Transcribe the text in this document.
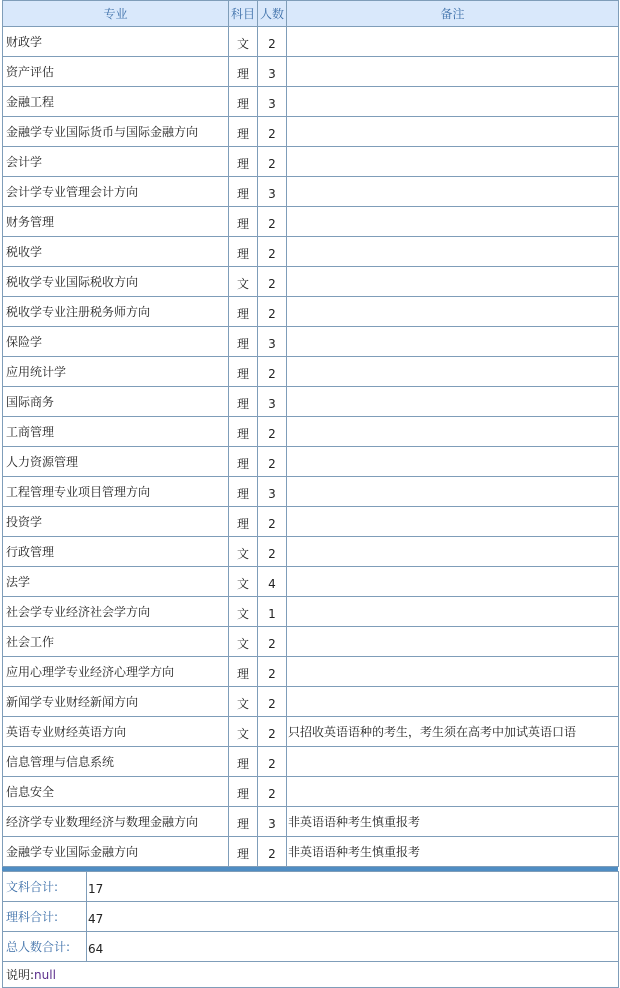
专业	科目	人数	备注
财政学	文	2	
资产评估	理	3	
金融工程	理	3	
金融学专业国际货币与国际金融方向	理	2	
会计学	理	2	
会计学专业管理会计方向	理	3	
财务管理	理	2	
税收学	理	2	
税收学专业国际税收方向	文	2	
税收学专业注册税务师方向	理	2	
保险学	理	3	
应用统计学	理	2	
国际商务	理	3	
工商管理	理	2	
人力资源管理	理	2	
工程管理专业项目管理方向	理	3	
投资学	理	2	
行政管理	文	2	
法学	文	4	
社会学专业经济社会学方向	文	1	
社会工作	文	2	
应用心理学专业经济心理学方向	理	2	
新闻学专业财经新闻方向	文	2	
英语专业财经英语方向	文	2	只招收英语语种的考生，考生须在高考中加试英语口语
信息管理与信息系统	理	2	
信息安全	理	2	
经济学专业数理经济与数理金融方向	理	3	非英语语种考生慎重报考
金融学专业国际金融方向	理	2	非英语语种考生慎重报考
文科合计:	17
理科合计:	47
总人数合计:	64
说明:null	
